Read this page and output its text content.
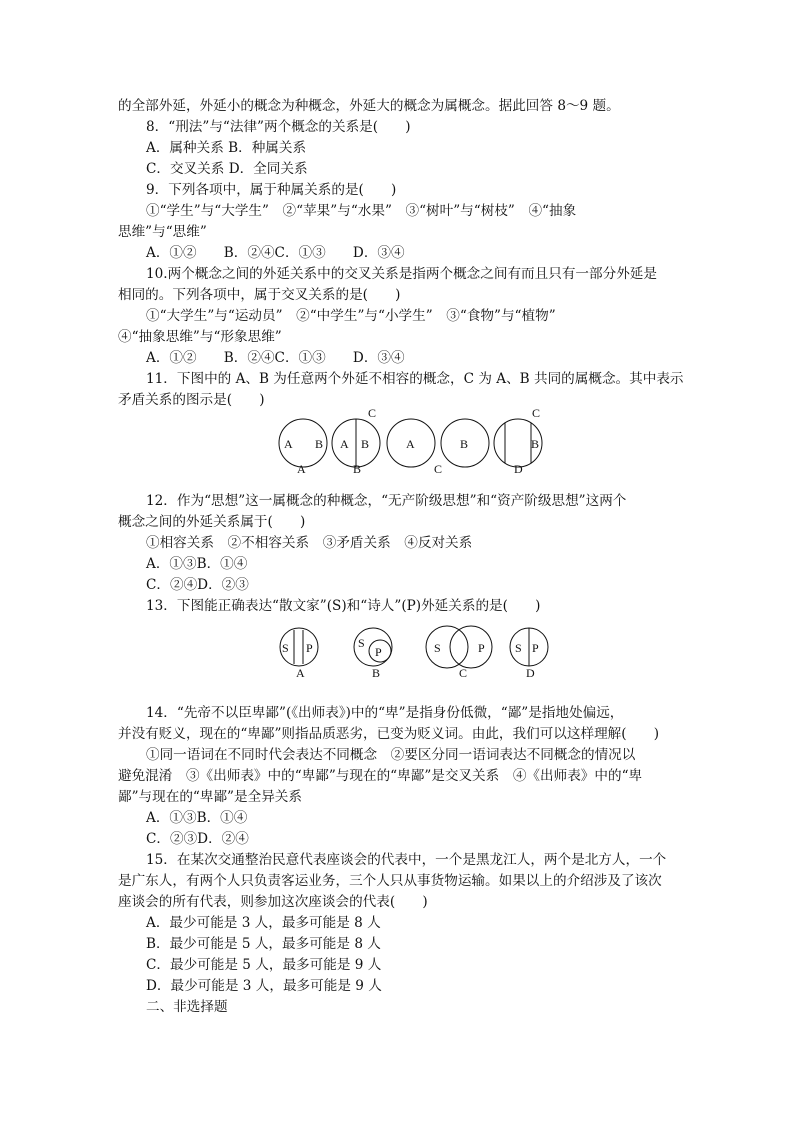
的全部外延，外延小的概念为种概念，外延大的概念为属概念。据此回答 8～9 题。
8．“刑法”与“法律”两个概念的关系是(　　)
A．属种关系 B．种属关系
C．交叉关系 D．全同关系
9．下列各项中，属于种属关系的是(　　)
①“学生”与“大学生”　②“苹果”与“水果”　③“树叶”与“树枝”　④“抽象
思维”与“思维”
A．①②　　B．②④C．①③　　D．③④
10.两个概念之间的外延关系中的交叉关系是指两个概念之间有而且只有一部分外延是
相同的。下列各项中，属于交叉关系的是(　　)
①“大学生”与“运动员”　②“中学生”与“小学生”　③“食物”与“植物”
④“抽象思维”与“形象思维”
A．①②　　B．②④C．①③　　D．③④
11．下图中的 A、B 为任意两个外延不相容的概念，C 为 A、B 共同的属概念。其中表示
矛盾关系的图示是(　　)
A B A B
C
A	B	B
C
A	B	C	D
12．作为“思想”这一属概念的种概念，“无产阶级思想”和“资产阶级思想”这两个
概念之间的外延关系属于(　　)
①相容关系　②不相容关系　③矛盾关系　④反对关系
A．①③B．①④
C．②④D．②③
13．下图能正确表达“散文家”(S)和“诗人”(P)外延关系的是(　　)
S P	S
P	S	P	S P
A	B	C	D
14．“先帝不以臣卑鄙”(《出师表》)中的“卑”是指身份低微，“鄙”是指地处偏远，
并没有贬义，现在的“卑鄙”则指品质恶劣，已变为贬义词。由此，我们可以这样理解(　　)
①同一语词在不同时代会表达不同概念　②要区分同一语词表达不同概念的情况以
避免混淆　③《出师表》中的“卑鄙”与现在的“卑鄙”是交叉关系　④《出师表》中的“卑
鄙”与现在的“卑鄙”是全异关系
A．①③B．①④
C．②③D．②④
15．在某次交通整治民意代表座谈会的代表中，一个是黑龙江人，两个是北方人，一个
是广东人，有两个人只负责客运业务，三个人只从事货物运输。如果以上的介绍涉及了该次
座谈会的所有代表，则参加这次座谈会的代表(　　)
A．最少可能是 3 人，最多可能是 8 人
B．最少可能是 5 人，最多可能是 8 人
C．最少可能是 5 人，最多可能是 9 人
D．最少可能是 3 人，最多可能是 9 人
二、非选择题
